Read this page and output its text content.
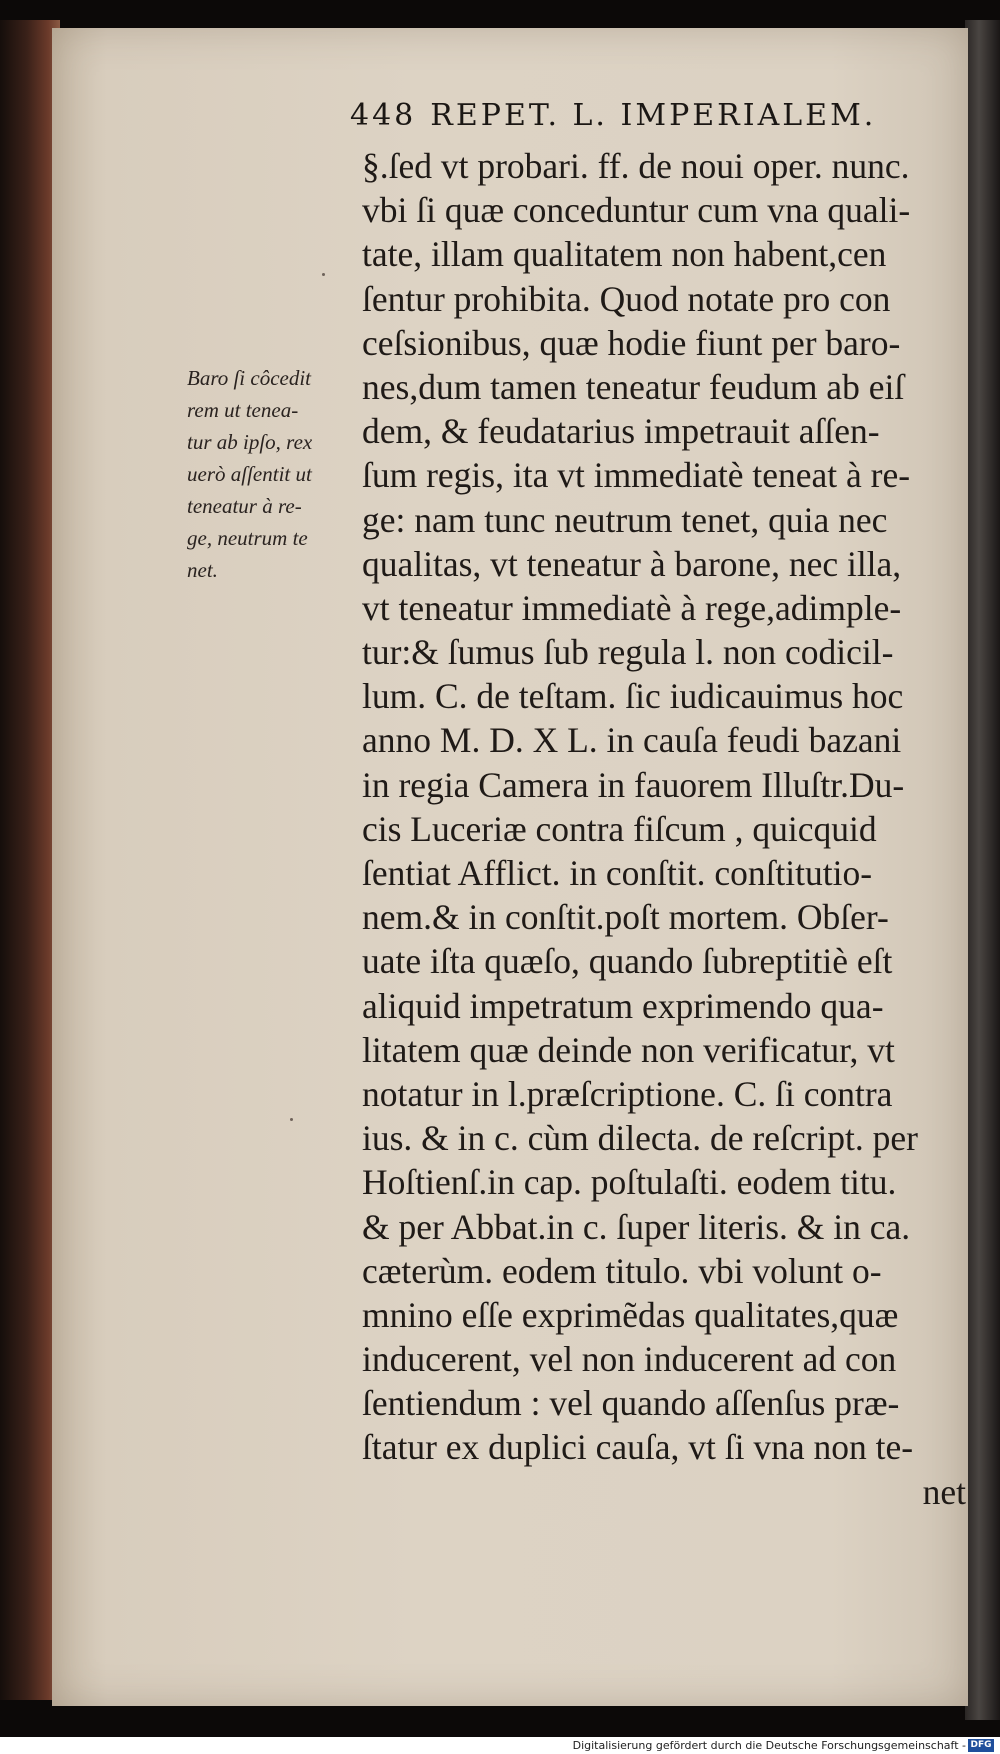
448 REPET. L. IMPERIALEM.
Baro ſi côcedit
rem ut tenea-
tur ab ipſo, rex
uerò aſſentit ut
teneatur à re-
ge, neutrum te
net.
§.ſed vt probari. ff. de noui oper. nunc.
vbi ſi quæ conceduntur cum vna quali-
tate, illam qualitatem non habent,cen
ſentur prohibita. Quod notate pro con
ceſsionibus, quæ hodie fiunt per baro-
nes,dum tamen teneatur feudum ab eiſ
dem, & feudatarius impetrauit aſſen-
ſum regis, ita vt immediatè teneat à re-
ge: nam tunc neutrum tenet, quia nec
qualitas, vt teneatur à barone, nec illa,
vt teneatur immediatè à rege,adimple-
tur:& ſumus ſub regula l. non codicil-
lum. C. de teſtam. ſic iudicauimus hoc
anno M. D. X L. in cauſa feudi bazani
in regia Camera in fauorem Illuſtr.Du-
cis Luceriæ contra fiſcum , quicquid
ſentiat Afflict. in conſtit. conſtitutio-
nem.& in conſtit.poſt mortem. Obſer-
uate iſta quæſo, quando ſubreptitiè eſt
aliquid impetratum exprimendo qua-
litatem quæ deinde non verificatur, vt
notatur in l.præſcriptione. C. ſi contra
ius. & in c. cùm dilecta. de reſcript. per
Hoſtienſ.in cap. poſtulaſti. eodem titu.
& per Abbat.in c. ſuper literis. & in ca.
cæterùm. eodem titulo. vbi volunt o-
mnino eſſe exprimẽdas qualitates,quæ
inducerent, vel non inducerent ad con
ſentiendum : vel quando aſſenſus præ-
ſtatur ex duplici cauſa, vt ſi vna non te-
net
Digitalisierung gefördert durch die Deutsche Forschungsgemeinschaft - DFG
